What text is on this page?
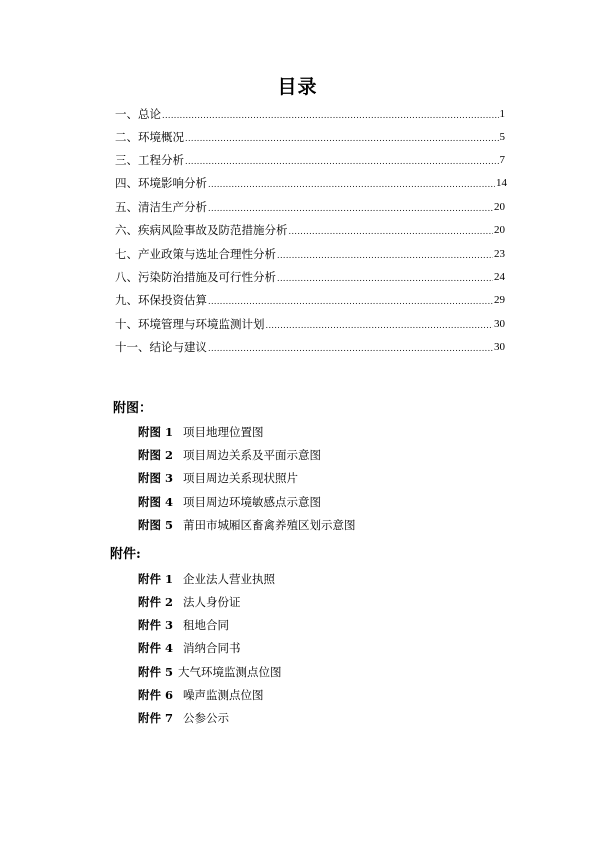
目录
一、总论 .....	1
二、环境概况 .....	5
三、工程分析 .....	7
四、环境影响分析 .....	14
五、清洁生产分析 .....	20
六、疾病风险事故及防范措施分析 .....	20
七、产业政策与选址合理性分析 .....	23
八、污染防治措施及可行性分析 .....	24
九、环保投资估算 .....	29
十、环境管理与环境监测计划 .....	30
十一、结论与建议 .....	30
附图：
附图 1 项目地理位置图
附图 2 项目周边关系及平面示意图
附图 3 项目周边关系现状照片
附图 4 项目周边环境敏感点示意图
附图 5 莆田市城厢区畜禽养殖区划示意图
附件:
附件 1 企业法人营业执照
附件 2 法人身份证
附件 3 租地合同
附件 4 消纳合同书
附件 5 大气环境监测点位图
附件 6 噪声监测点位图
附件 7 公参公示
